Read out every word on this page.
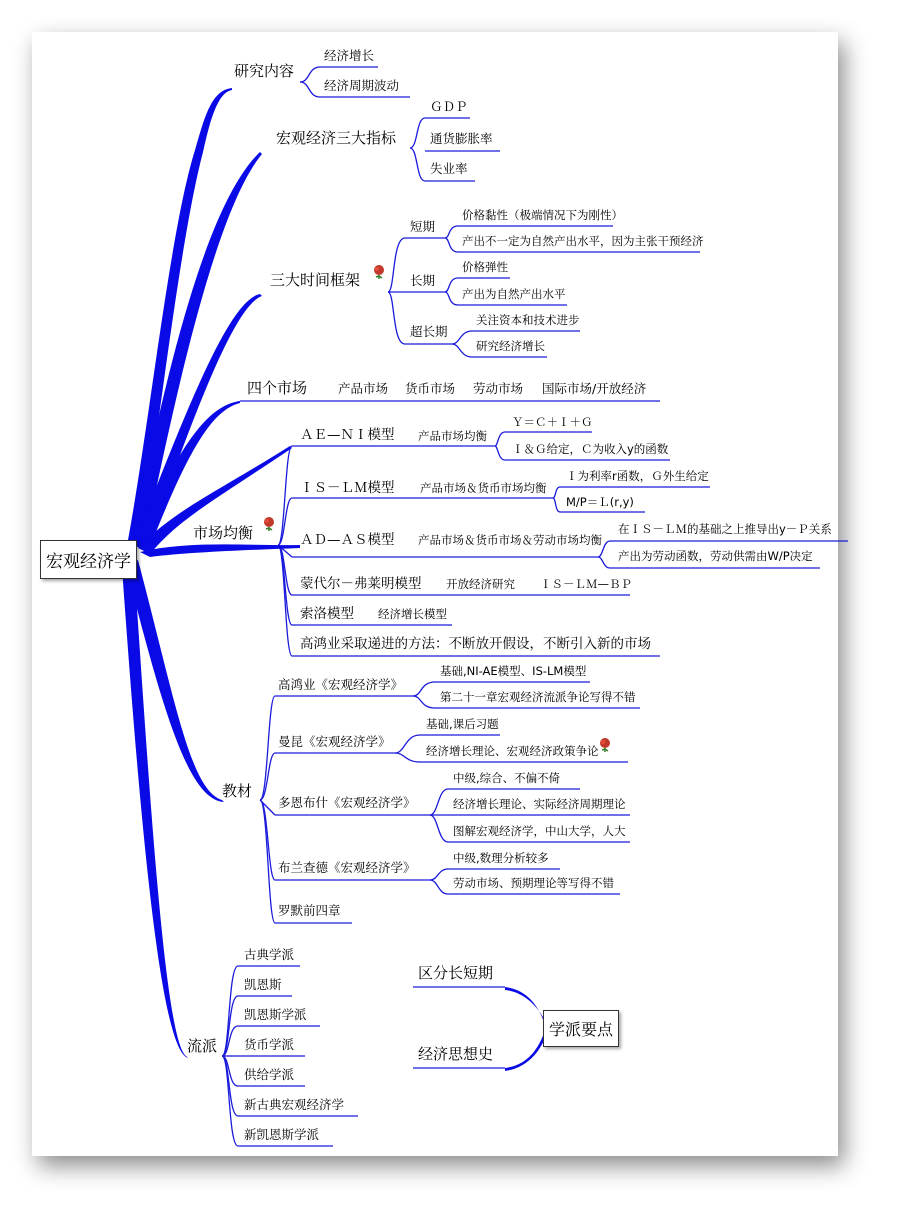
宏观经济学
研究内容
经济增长
经济周期波动
宏观经济三大指标
ＧＤＰ
通货膨胀率
失业率
三大时间框架
短期
长期
超长期
价格黏性（极端情况下为刚性）
产出不一定为自然产出水平，因为主张干预经济
价格弹性
产出为自然产出水平
关注资本和技术进步
研究经济增长
四个市场 产品市场 货币市场 劳动市场 国际市场/开放经济
市场均衡
ＡＥ—ＮＩ模型 产品市场均衡
Ｙ＝Ｃ＋Ｉ＋Ｇ
Ｉ＆Ｇ给定，Ｃ为收入y的函数
ＩＳ－ＬＭ模型 产品市场＆货币市场均衡
Ｉ为利率r函数，Ｇ外生给定
M/P＝Ｌ(r,y)
ＡＤ—ＡＳ模型 产品市场＆货币市场＆劳动市场均衡
在ＩＳ－ＬＭ的基础之上推导出y－Ｐ关系
产出为劳动函数，劳动供需由W/P决定
蒙代尔－弗莱明模型 开放经济研究 ＩＳ－ＬＭ—ＢＰ
索洛模型 经济增长模型
高鸿业采取递进的方法：不断放开假设，不断引入新的市场
教材
高鸿业《宏观经济学》
基础,NI-AE模型、IS-LM模型
第二十一章宏观经济流派争论写得不错
曼昆《宏观经济学》
基础,课后习题
经济增长理论、宏观经济政策争论
多恩布什《宏观经济学》
中级,综合、不偏不倚
经济增长理论、实际经济周期理论
图解宏观经济学，中山大学，人大
布兰查德《宏观经济学》
中级,数理分析较多
劳动市场、预期理论等写得不错
罗默前四章
流派
古典学派
凯恩斯
凯恩斯学派
货币学派
供给学派
新古典宏观经济学
新凯恩斯学派
学派要点
区分长短期
经济思想史
